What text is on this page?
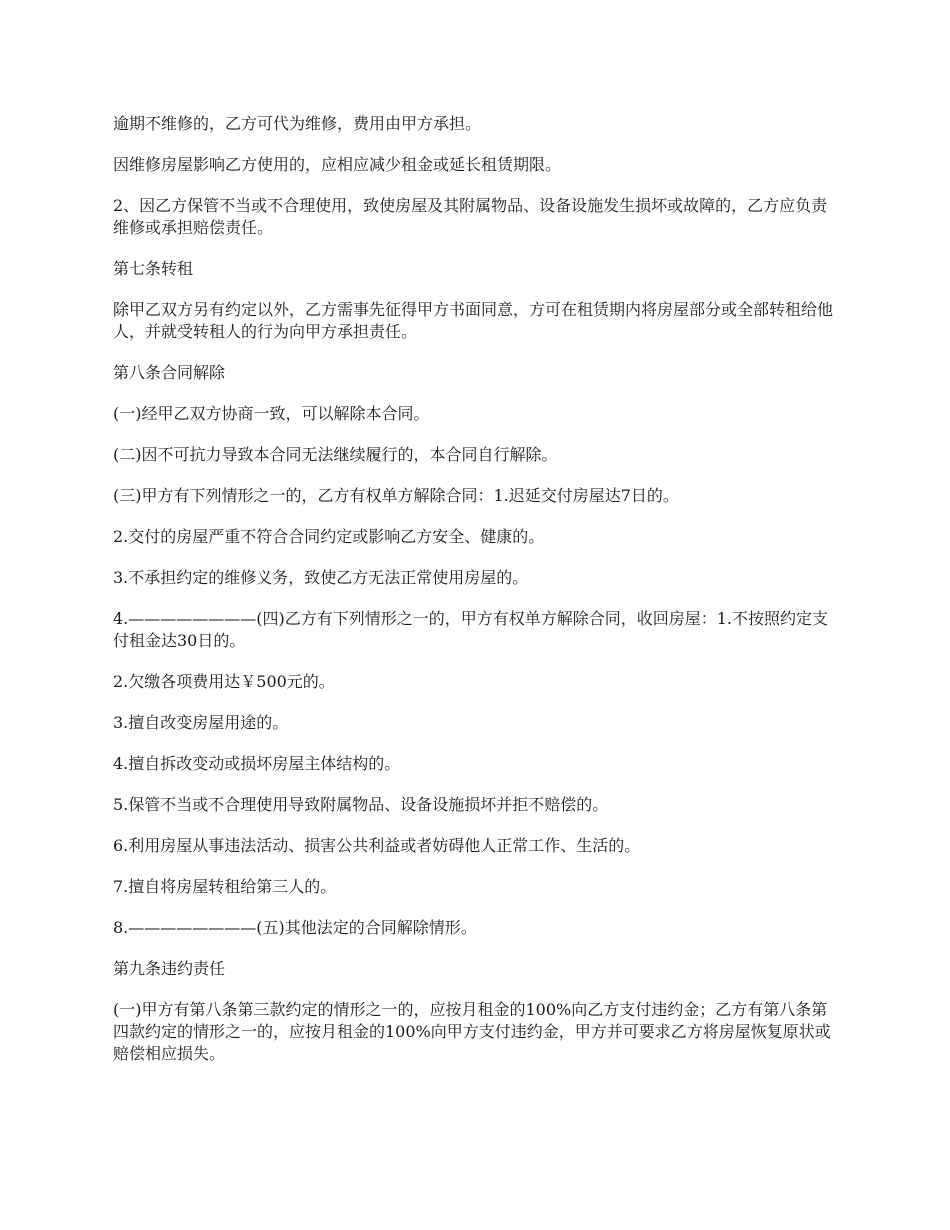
逾期不维修的，乙方可代为维修，费用由甲方承担。

因维修房屋影响乙方使用的，应相应减少租金或延长租赁期限。

2、因乙方保管不当或不合理使用，致使房屋及其附属物品、设备设施发生损坏或故障的，乙方应负责维修或承担赔偿责任。

第七条转租

除甲乙双方另有约定以外，乙方需事先征得甲方书面同意，方可在租赁期内将房屋部分或全部转租给他人，并就受转租人的行为向甲方承担责任。

第八条合同解除

(一)经甲乙双方协商一致，可以解除本合同。

(二)因不可抗力导致本合同无法继续履行的，本合同自行解除。

(三)甲方有下列情形之一的，乙方有权单方解除合同：1.迟延交付房屋达7日的。

2.交付的房屋严重不符合合同约定或影响乙方安全、健康的。

3.不承担约定的维修义务，致使乙方无法正常使用房屋的。

4.————————(四)乙方有下列情形之一的，甲方有权单方解除合同，收回房屋：1.不按照约定支付租金达30日的。

2.欠缴各项费用达￥500元的。

3.擅自改变房屋用途的。

4.擅自拆改变动或损坏房屋主体结构的。

5.保管不当或不合理使用导致附属物品、设备设施损坏并拒不赔偿的。

6.利用房屋从事违法活动、损害公共利益或者妨碍他人正常工作、生活的。

7.擅自将房屋转租给第三人的。

8.————————(五)其他法定的合同解除情形。

第九条违约责任

(一)甲方有第八条第三款约定的情形之一的，应按月租金的100%向乙方支付违约金；乙方有第八条第四款约定的情形之一的，应按月租金的100%向甲方支付违约金，甲方并可要求乙方将房屋恢复原状或赔偿相应损失。
